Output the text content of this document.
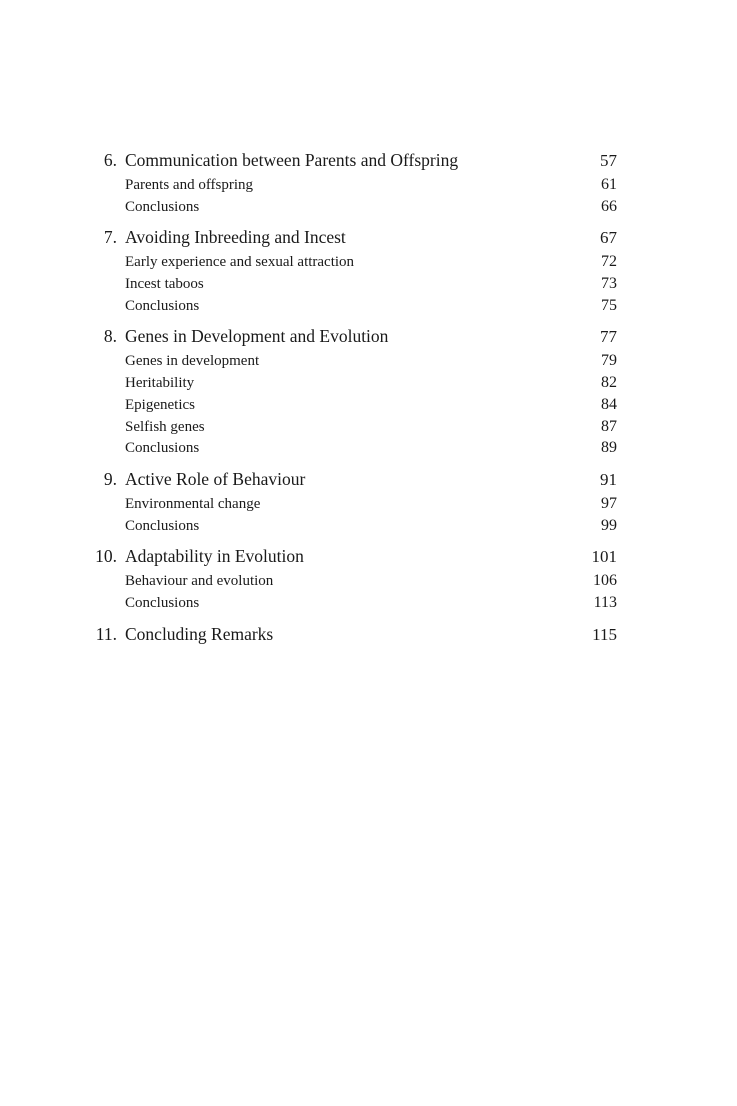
6. Communication between Parents and Offspring	57
Parents and offspring	61
Conclusions	66
7. Avoiding Inbreeding and Incest	67
Early experience and sexual attraction	72
Incest taboos	73
Conclusions	75
8. Genes in Development and Evolution	77
Genes in development	79
Heritability	82
Epigenetics	84
Selfish genes	87
Conclusions	89
9. Active Role of Behaviour	91
Environmental change	97
Conclusions	99
10. Adaptability in Evolution	101
Behaviour and evolution	106
Conclusions	113
11. Concluding Remarks	115
